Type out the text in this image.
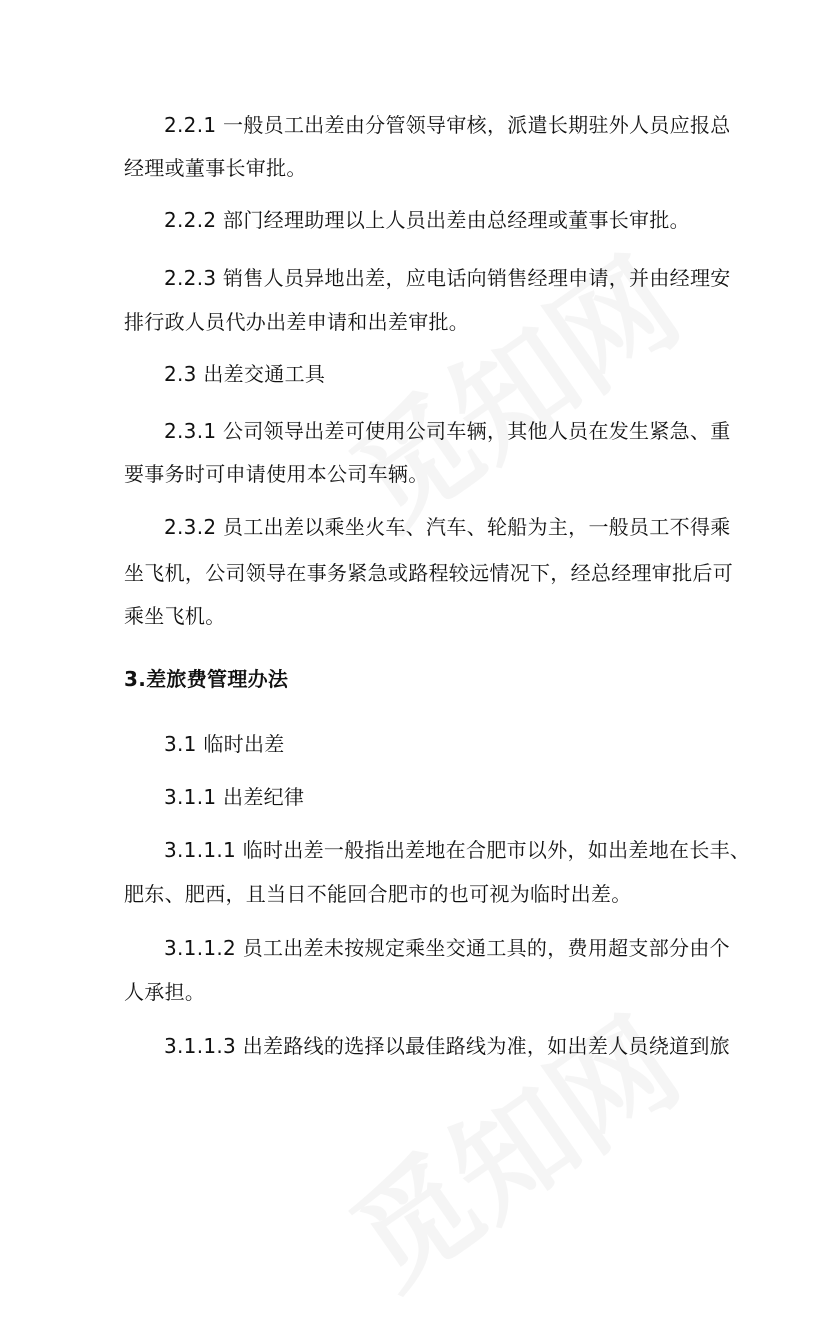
2.2.1 一般员工出差由分管领导审核，派遣长期驻外人员应报总
经理或董事长审批。
2.2.2 部门经理助理以上人员出差由总经理或董事长审批。
2.2.3 销售人员异地出差，应电话向销售经理申请，并由经理安
排行政人员代办出差申请和出差审批。
2.3 出差交通工具
2.3.1 公司领导出差可使用公司车辆，其他人员在发生紧急、重
要事务时可申请使用本公司车辆。
2.3.2 员工出差以乘坐火车、汽车、轮船为主，一般员工不得乘
坐飞机，公司领导在事务紧急或路程较远情况下，经总经理审批后可
乘坐飞机。
3.差旅费管理办法
3.1 临时出差
3.1.1 出差纪律
3.1.1.1 临时出差一般指出差地在合肥市以外，如出差地在长丰、
肥东、肥西，且当日不能回合肥市的也可视为临时出差。
3.1.1.2 员工出差未按规定乘坐交通工具的，费用超支部分由个
人承担。
3.1.1.3 出差路线的选择以最佳路线为准，如出差人员绕道到旅
